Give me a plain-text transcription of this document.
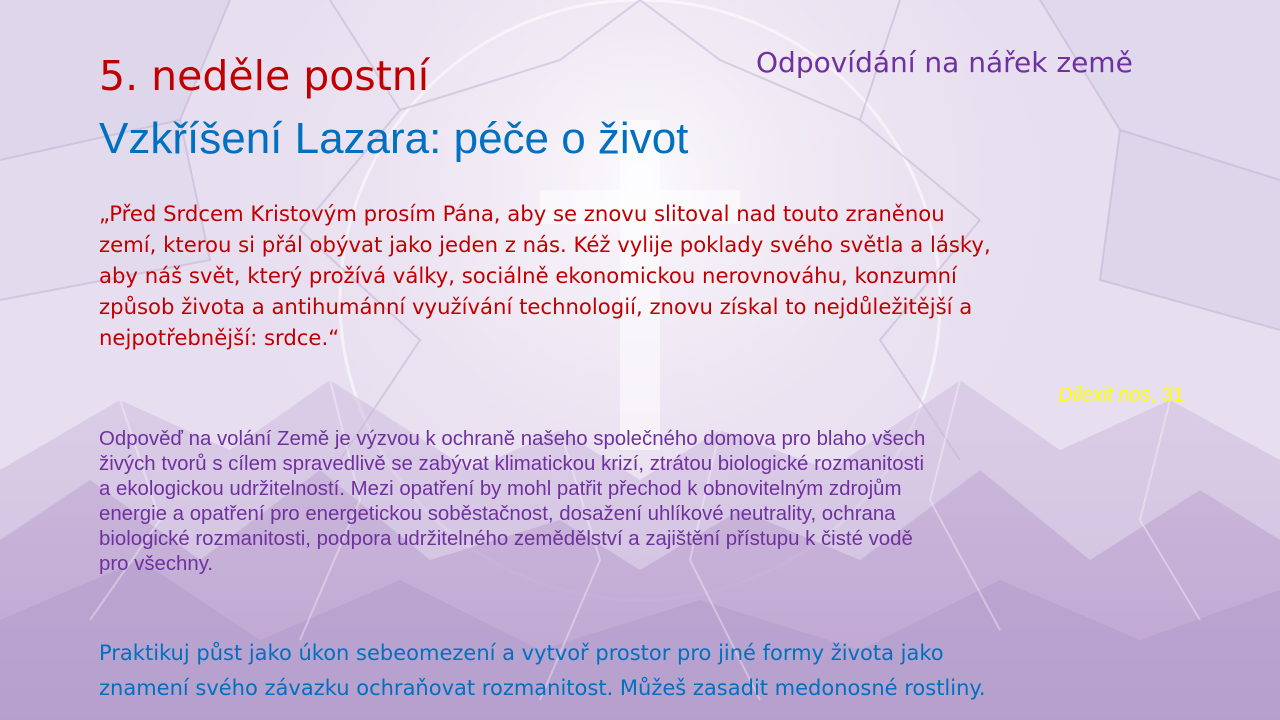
Odpovídání na nářek země
5. neděle postní
Vzkříšení Lazara: péče o život
„Před Srdcem Kristovým prosím Pána, aby se znovu slitoval nad touto zraněnou
zemí, kterou si přál obývat jako jeden z nás. Kéž vylije poklady svého světla a lásky,
aby náš svět, který prožívá války, sociálně ekonomickou nerovnováhu, konzumní
způsob života a antihumánní využívání technologií, znovu získal to nejdůležitější a
nejpotřebnější: srdce.“
Dilexit nos, 31
Odpověď na volání Země je výzvou k ochraně našeho společného domova pro blaho všech
živých tvorů s cílem spravedlivě se zabývat klimatickou krizí, ztrátou biologické rozmanitosti
a ekologickou udržitelností. Mezi opatření by mohl patřit přechod k obnovitelným zdrojům
energie a opatření pro energetickou soběstačnost, dosažení uhlíkové neutrality, ochrana
biologické rozmanitosti, podpora udržitelného zemědělství a zajištění přístupu k čisté vodě
pro všechny.
Praktikuj půst jako úkon sebeomezení a vytvoř prostor pro jiné formy života jako
znamení svého závazku ochraňovat rozmanitost. Můžeš zasadit medonosné rostliny.
